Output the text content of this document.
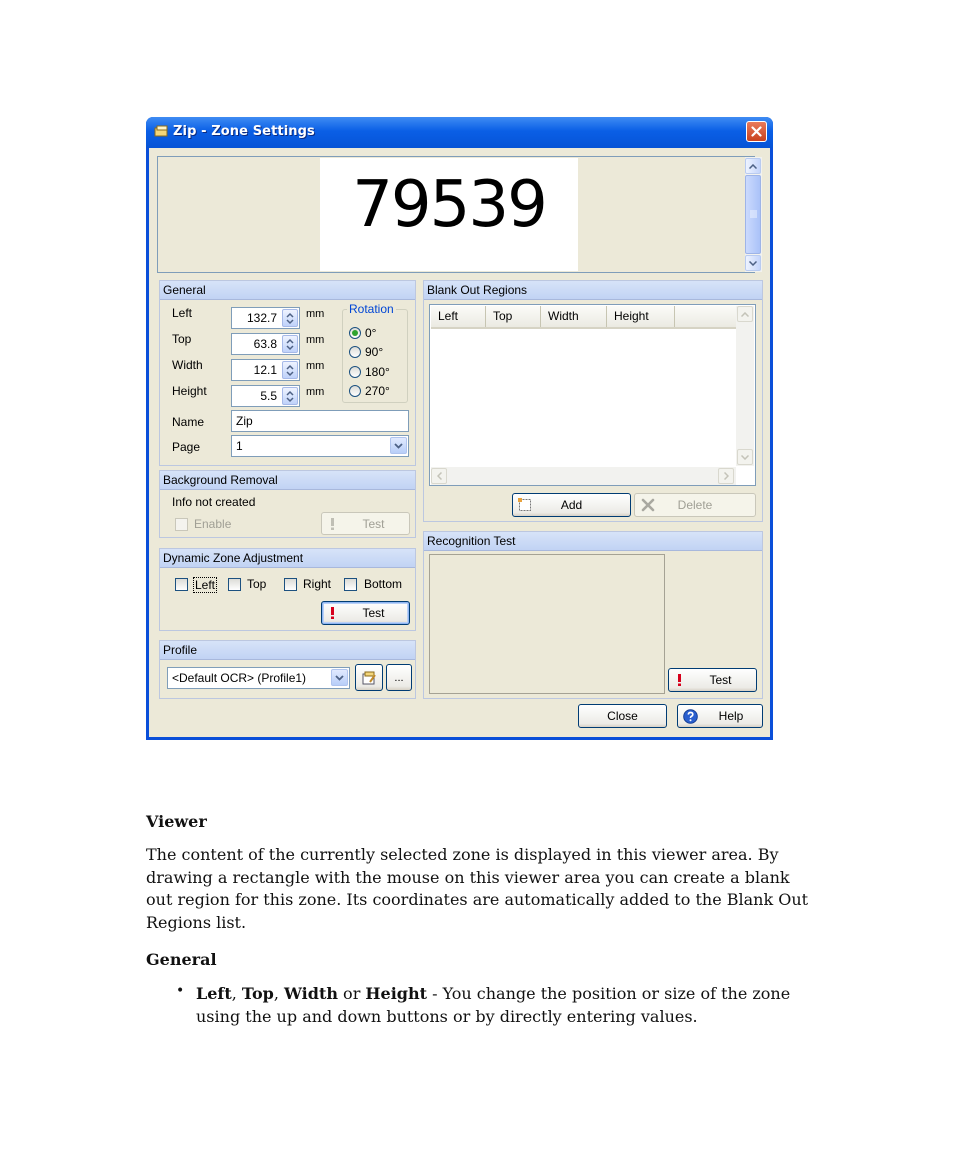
Zip - Zone Settings
79539
General
Left	132.7	mm
Top	63.8	mm
Width	12.1	mm
Height	5.5	mm
Rotation
0°
90°
180°
270°
Name	Zip
Page	1
Background Removal
Info not created
Enable	Test
Dynamic Zone Adjustment
Left	Top	Right	Bottom
Test
Profile
<Default OCR> (Profile1)	...
Blank Out Regions
Left	Top	Width	Height
Add	Delete
Recognition Test
Test
Close	Help
Viewer
The content of the currently selected zone is displayed in this viewer area. By drawing a rectangle with the mouse on this viewer area you can create a blank out region for this zone. Its coordinates are automatically added to the Blank Out Regions list.
General
• Left, Top, Width or Height - You change the position or size of the zone using the up and down buttons or by directly entering values.
